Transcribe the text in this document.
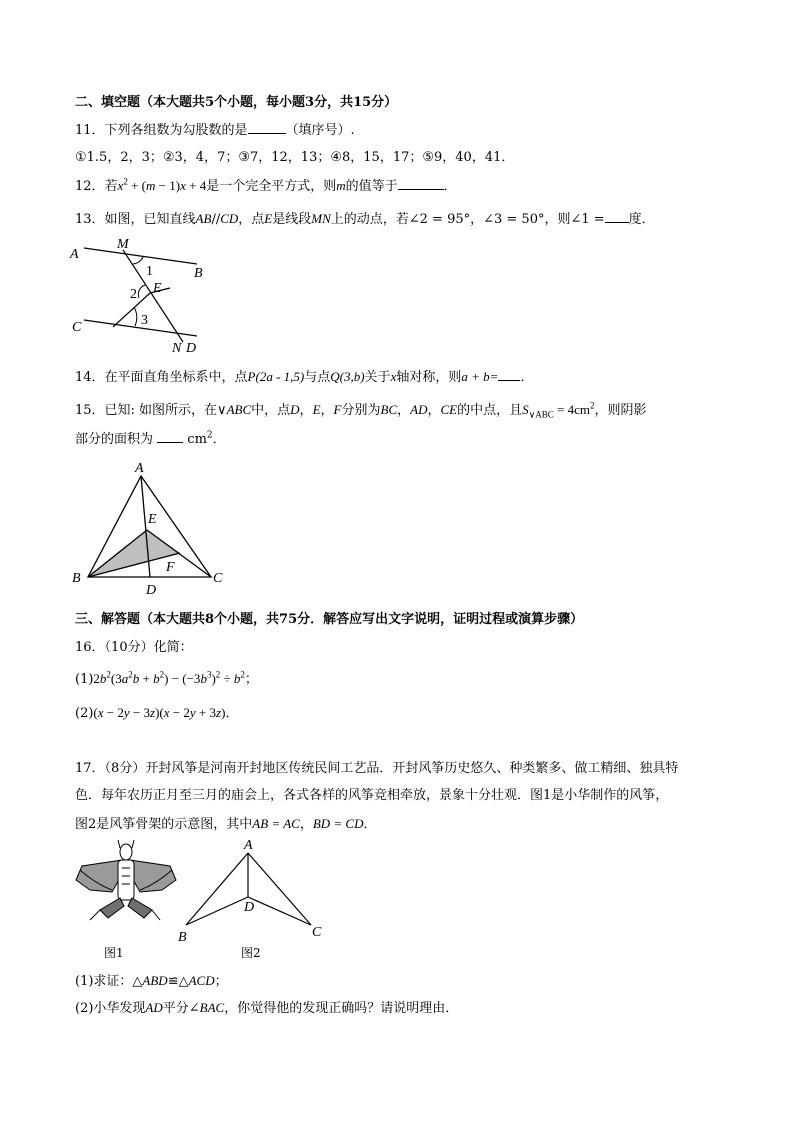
二、填空题（本大题共5个小题，每小题3分，共15分）
11．下列各组数为勾股数的是	（填序号）.
①1.5，2，3；②3，4，7；③7，12，13；④8，15，17；⑤9，40，41．
12．若$x^2 + (m - 1)x + 4$是一个完全平方式，则m的值等于	．
13．如图，已知直线AB//CD，点E是线段MN上的动点，若∠2 = 95°，∠3 = 50°，则∠1 = 度．
A
M
B
1
2 E
C	3
N D
14．在平面直角坐标系中，点P(2a - 1,5)与点Q(3,b)关于x轴对称，则a + b= ．
15．已知: 如图所示，在∨ABC中，点D，E，F分别为BC，AD，CE的中点，且$S_{\vee ABC} = 4cm^2$，则阴影
部分的面积为	$cm^2$．
A
E
F
B
D
C
三、解答题（本大题共8个小题，共75分．解答应写出文字说明，证明过程或演算步骤）
16．（10分）化简：
$(1)2b^2(3a^2b + b^2) - (-3b^3)^2 \div b^2$；
(2)(x − 2y − 3z)(x − 2y + 3z)．
17．（8分）开封风筝是河南开封地区传统民间工艺品．开封风筝历史悠久、种类繁多、做工精细、独具特
色．每年农历正月至三月的庙会上，各式各样的风筝竞相牵放，景象十分壮观．图1是小华制作的风筝，
图2是风筝骨架的示意图，其中AB = AC，BD = CD．
图1
A
D
B	C
图2
(1)求证：△ABD≌△ACD；
(2)小华发现AD平分∠BAC，你觉得他的发现正确吗？请说明理由．
